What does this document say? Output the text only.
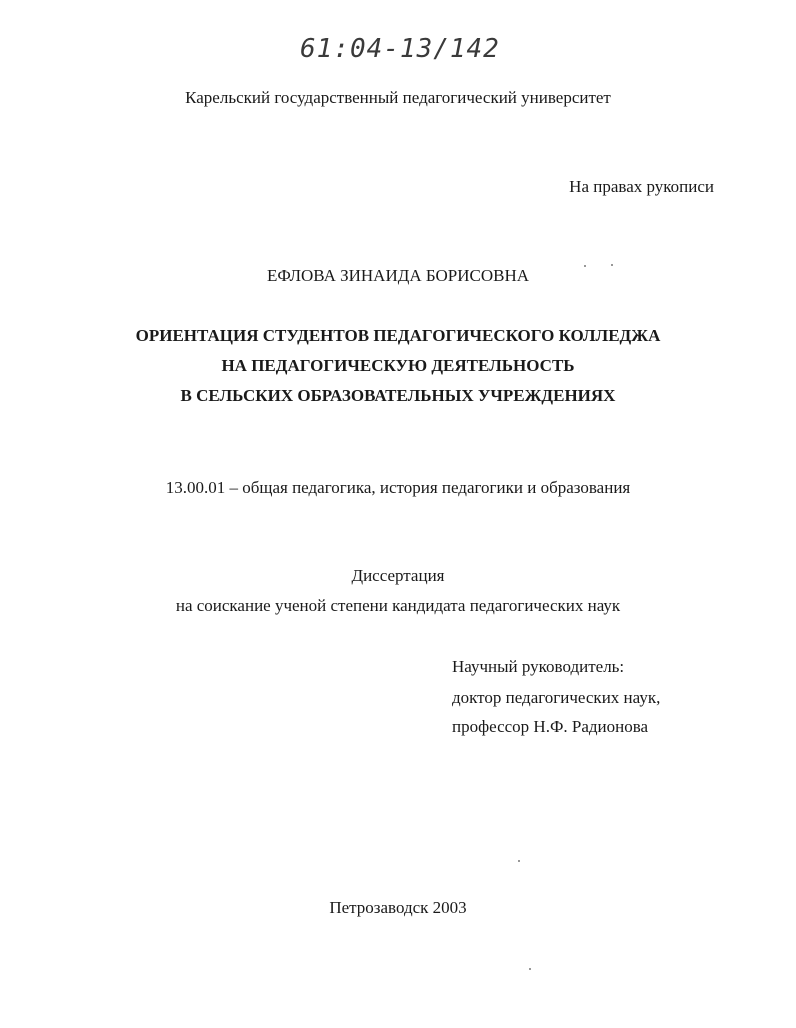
61:04-13/142
Карельский государственный педагогический университет
На правах рукописи
ЕФЛОВА ЗИНАИДА БОРИСОВНА
ОРИЕНТАЦИЯ СТУДЕНТОВ ПЕДАГОГИЧЕСКОГО КОЛЛЕДЖА
НА ПЕДАГОГИЧЕСКУЮ ДЕЯТЕЛЬНОСТЬ
В СЕЛЬСКИХ ОБРАЗОВАТЕЛЬНЫХ УЧРЕЖДЕНИЯХ
13.00.01 – общая педагогика, история педагогики и образования
Диссертация
на соискание ученой степени кандидата педагогических наук
Научный руководитель:
доктор педагогических наук,
профессор Н.Ф. Радионова
Петрозаводск 2003
